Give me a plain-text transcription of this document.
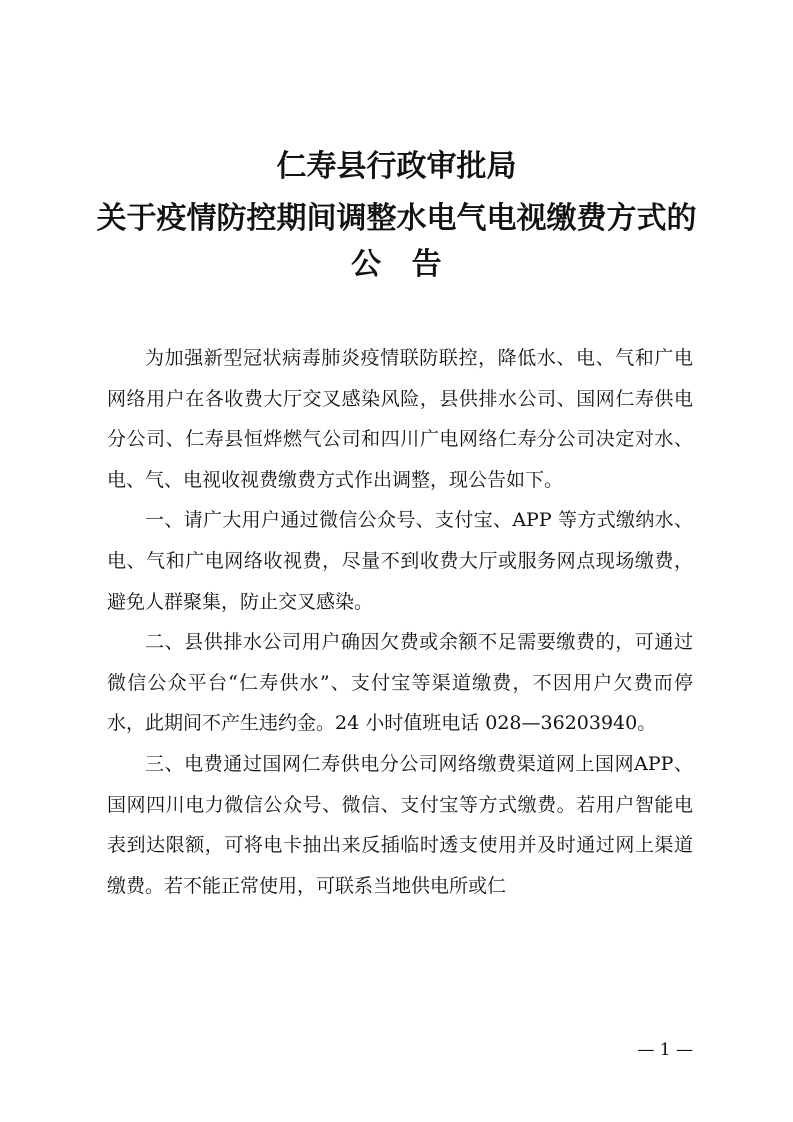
仁寿县行政审批局
关于疫情防控期间调整水电气电视缴费方式的
公　告

为加强新型冠状病毒肺炎疫情联防联控，降低水、电、气和广电网络用户在各收费大厅交叉感染风险，县供排水公司、国网仁寿供电分公司、仁寿县恒烨燃气公司和四川广电网络仁寿分公司决定对水、电、气、电视收视费缴费方式作出调整，现公告如下。

一、请广大用户通过微信公众号、支付宝、APP 等方式缴纳水、电、气和广电网络收视费，尽量不到收费大厅或服务网点现场缴费，避免人群聚集，防止交叉感染。

二、县供排水公司用户确因欠费或余额不足需要缴费的，可通过微信公众平台“仁寿供水”、支付宝等渠道缴费，不因用户欠费而停水，此期间不产生违约金。24 小时值班电话 028—36203940。

三、电费通过国网仁寿供电分公司网络缴费渠道网上国网APP、国网四川电力微信公众号、微信、支付宝等方式缴费。若用户智能电表到达限额，可将电卡抽出来反插临时透支使用并及时通过网上渠道缴费。若不能正常使用，可联系当地供电所或仁

— 1 —
